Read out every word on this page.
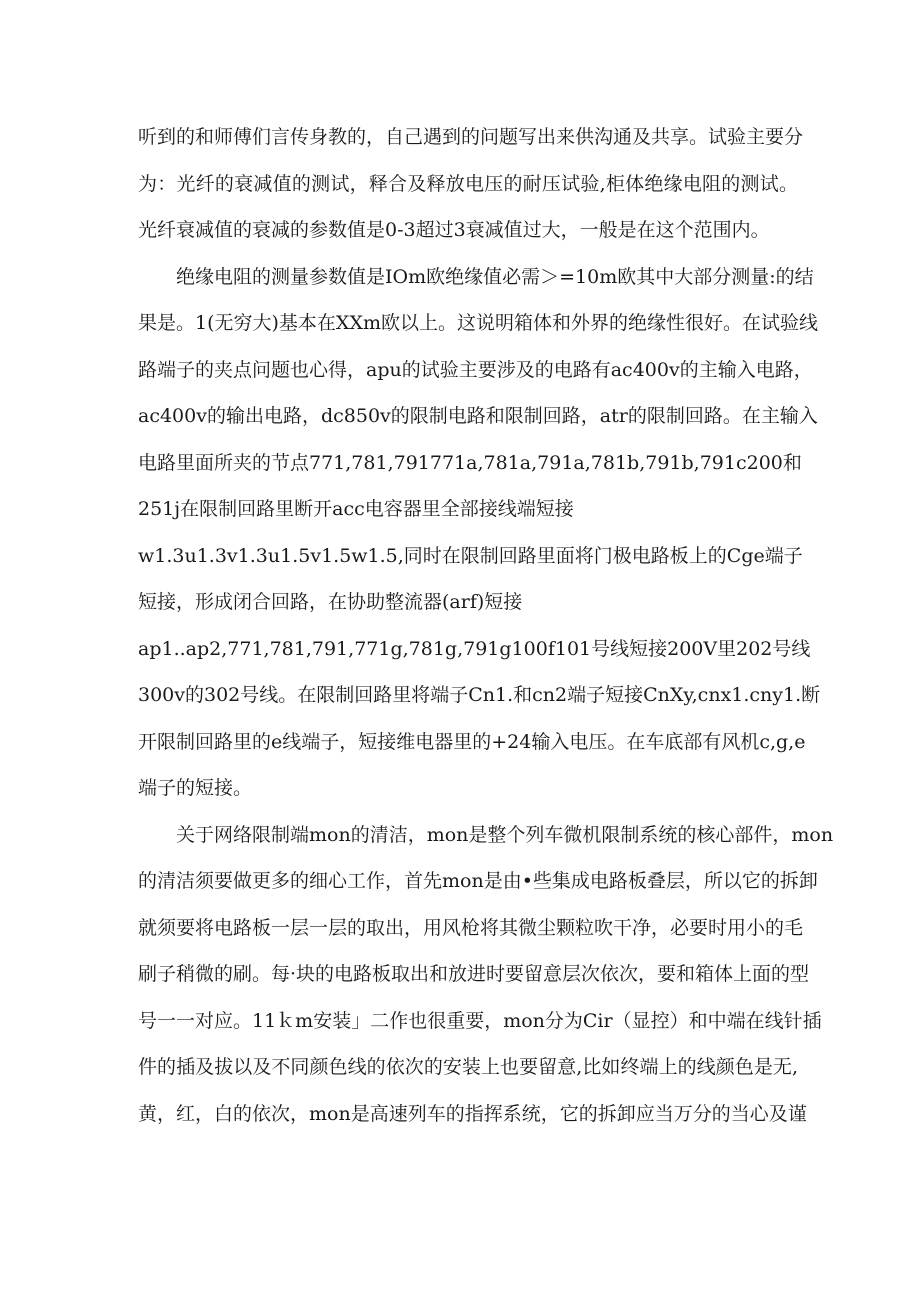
听到的和师傅们言传身教的，自己遇到的问题写出来供沟通及共享。试验主要分
为：光纤的衰减值的测试，释合及释放电压的耐压试验,柜体绝缘电阻的测试。
光纤衰减值的衰减的参数值是0-3超过3衰减值过大，一般是在这个范围内。
绝缘电阻的测量参数值是IOm欧绝缘值必需＞=10m欧其中大部分测量:的结
果是。1(无穷大)基本在XXm欧以上。这说明箱体和外界的绝缘性很好。在试验线
路端子的夹点问题也心得，apu的试验主要涉及的电路有ac400v的主输入电路，
ac400v的输出电路，dc850v的限制电路和限制回路，atr的限制回路。在主输入
电路里面所夹的节点771,781,791771a,781a,791a,781b,791b,791c200和
251j在限制回路里断开acc电容器里全部接线端短接
w1.3u1.3v1.3u1.5v1.5w1.5,同时在限制回路里面将门极电路板上的Cge端子
短接，形成闭合回路，在协助整流器(arf)短接
ap1..ap2,771,781,791,771g,781g,791g100f101号线短接200V里202号线
300v的302号线。在限制回路里将端子Cn1.和cn2端子短接CnXy,cnx1.cny1.断
开限制回路里的e线端子，短接维电器里的+24输入电压。在车底部有风机c,g,e
端子的短接。
关于网络限制端mon的清洁，mon是整个列车微机限制系统的核心部件，mon
的清洁须要做更多的细心工作，首先mon是由•些集成电路板叠层，所以它的拆卸
就须要将电路板一层一层的取出，用风枪将其微尘颗粒吹干净，必要时用小的毛
刷子稍微的刷。每·块的电路板取出和放进时要留意层次依次，要和箱体上面的型
号一一对应。11ｋm安装」二作也很重要，mon分为Cir（显控）和中端在线针插
件的插及拔以及不同颜色线的依次的安装上也要留意,比如终端上的线颜色是无,
黄，红，白的依次，mon是高速列车的指挥系统，它的拆卸应当万分的当心及谨
